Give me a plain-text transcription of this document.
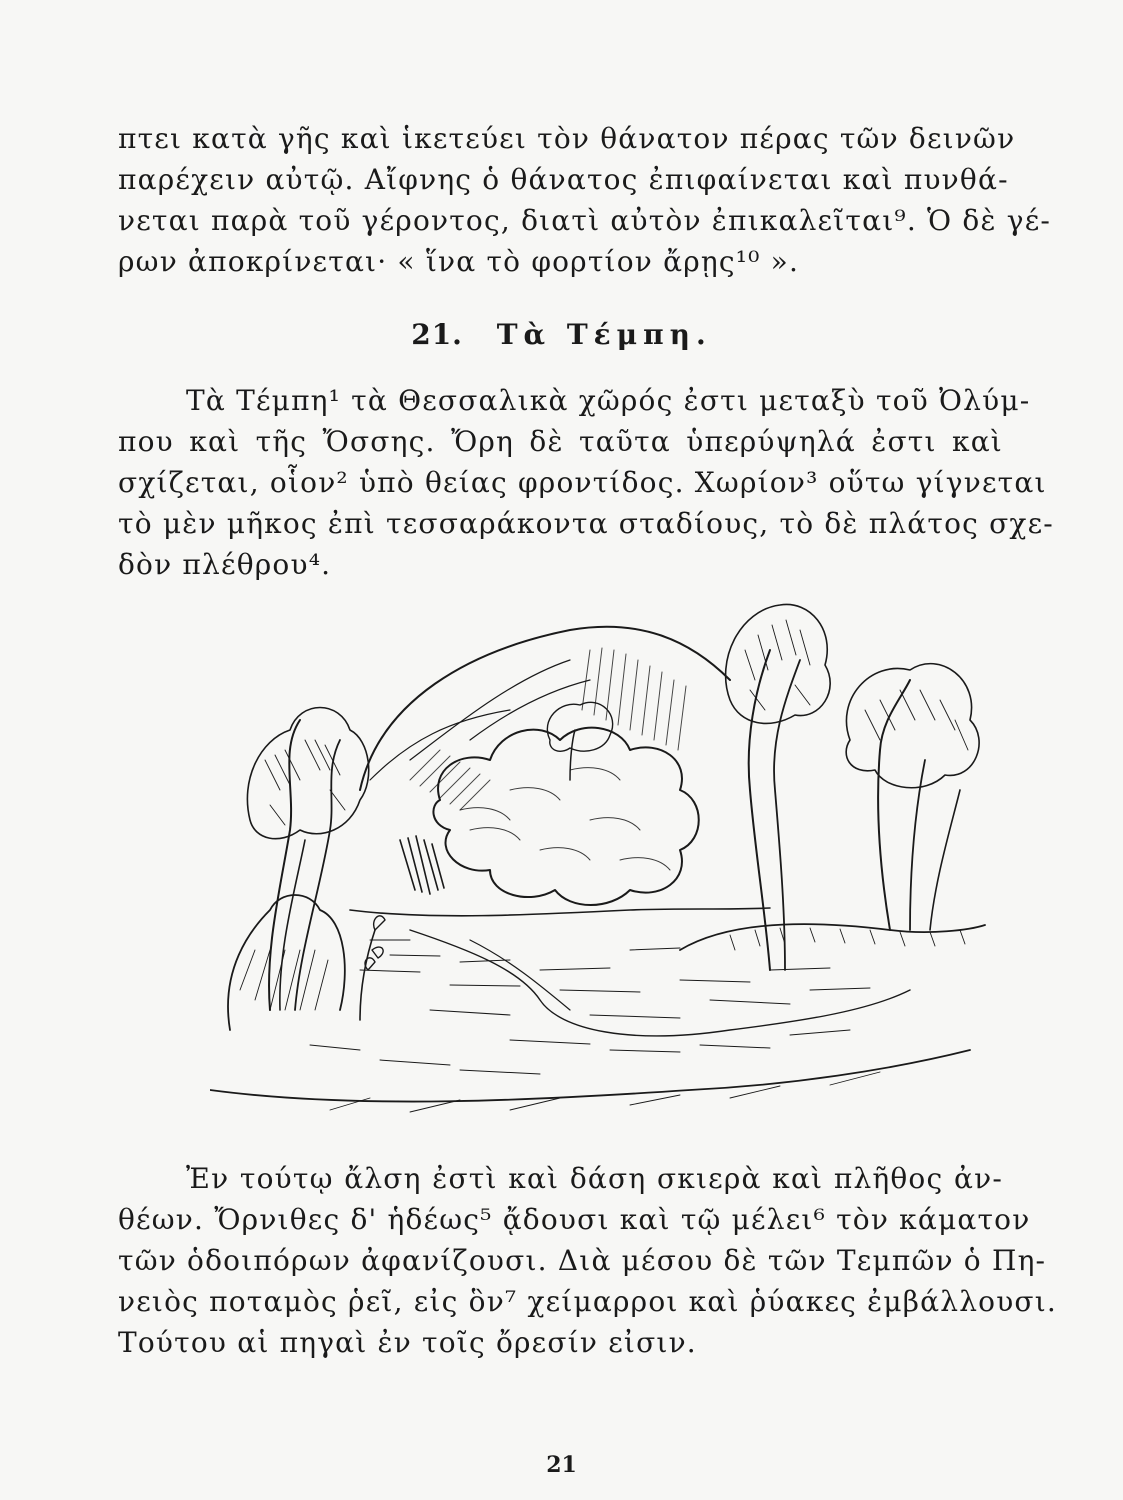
πτει κατὰ γῆς καὶ ἱκετεύει τὸν θάνατον πέρας τῶν δεινῶν
παρέχειν αὐτῷ. Αἴφνης ὁ θάνατος ἐπιφαίνεται καὶ πυνθά-
νεται παρὰ τοῦ γέροντος, διατὶ αὐτὸν ἐπικαλεῖται⁹. Ὁ δὲ γέ-
ρων ἀποκρίνεται· « ἵνα τὸ φορτίον ἄρῃς¹⁰ ».
21. Τὰ Τέμπη.
Τὰ Τέμπη¹ τὰ Θεσσαλικὰ χῶρός ἐστι μεταξὺ τοῦ Ὀλύμ-
που καὶ τῆς Ὄσσης. Ὄρη δὲ ταῦτα ὑπερύψηλά ἐστι καὶ
σχίζεται, οἷον² ὑπὸ θείας φροντίδος. Χωρίον³ οὕτω γίγνεται
τὸ μὲν μῆκος ἐπὶ τεσσαράκοντα σταδίους, τὸ δὲ πλάτος σχε-
δὸν πλέθρου⁴.
Ἐν τούτῳ ἄλση ἐστὶ καὶ δάση σκιερὰ καὶ πλῆθος ἀν-
θέων. Ὄρνιθες δ' ἡδέως⁵ ᾄδουσι καὶ τῷ μέλει⁶ τὸν κάματον
τῶν ὁδοιπόρων ἀφανίζουσι. Διὰ μέσου δὲ τῶν Τεμπῶν ὁ Πη-
νειὸς ποταμὸς ῥεῖ, εἰς ὃν⁷ χείμαρροι καὶ ῥύακες ἐμβάλλουσι.
Τούτου αἱ πηγαὶ ἐν τοῖς ὄρεσίν εἰσιν.
21
